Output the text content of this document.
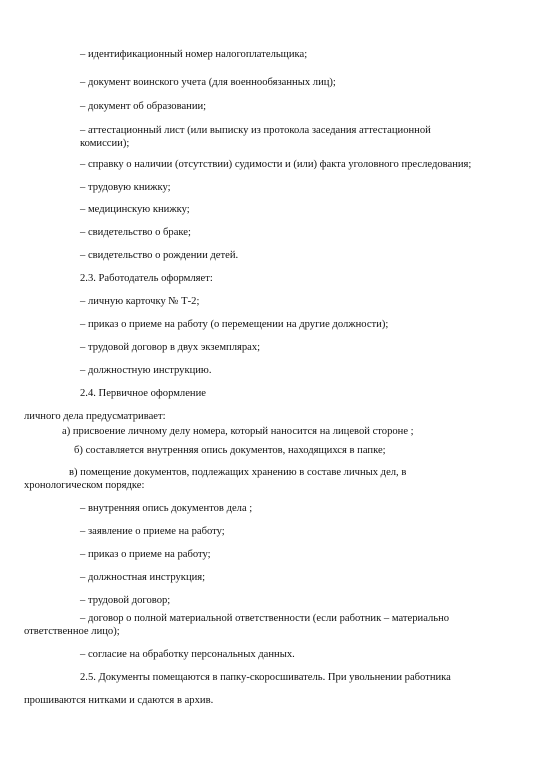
– идентификационный номер налогоплательщика;
– документ воинского учета (для военнообязанных лиц);
– документ об образовании;
– аттестационный лист (или выписку из протокола заседания аттестационной комиссии);
– справку о наличии (отсутствии) судимости и (или) факта уголовного преследования;
– трудовую книжку;
– медицинскую книжку;
– свидетельство о браке;
– свидетельство о рождении детей.
2.3. Работодатель оформляет:
– личную карточку № Т-2;
– приказ о приеме на работу (о перемещении на другие должности);
– трудовой договор в двух экземплярах;
– должностную инструкцию.
2.4. Первичное оформление
личного дела предусматривает:
а) присвоение личному делу номера, который наносится на лицевой стороне ;
б) составляется внутренняя опись документов, находящихся в папке;
в) помещение документов, подлежащих хранению в составе личных дел, в хронологическом порядке:
– внутренняя опись документов дела ;
– заявление о приеме на работу;
– приказ о приеме на работу;
– должностная инструкция;
– трудовой договор;
– договор о полной материальной ответственности (если работник – материально ответственное лицо);
– согласие на обработку персональных данных.
2.5. Документы помещаются в папку-скоросшиватель. При увольнении работника
прошиваются нитками и сдаются в архив.
